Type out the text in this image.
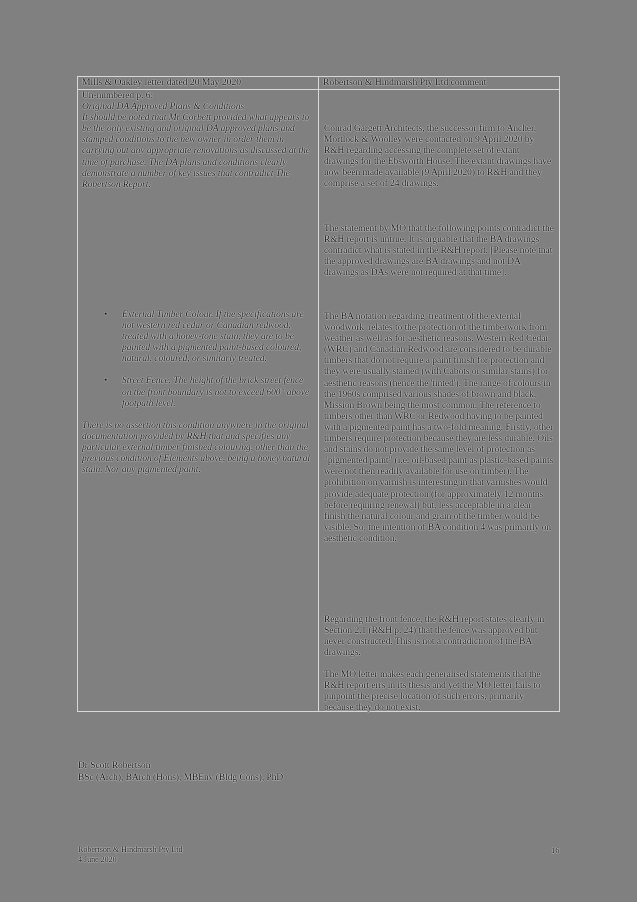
Mills & Oakley letter dated 20 May 2020	Robertson & Hindmarsh Pty Ltd comment

Un-numbered p. 6:

Original DA Approved Plans & Conditions

It should be noted that Mr Corbett provided what appears to be the only existing and original DA approved plans and stamped conditions to the new owner in order them in carrying out any appropriate renovations as discussed at the time of purchase. The DA plans and conditions clearly demonstrate a number of key issues that contradict The Robertson Report:

• External Timber Colour. If the specifications are not western red cedar or Canadian redwood, treated with a honey-tone stain, they are to be painted with a pigmented paint-based coloured, natural, coloured, or similarly treated.
• Street Fence. The height of the brick street fence on the front boundary is not to exceed 600" above footpath level.

There is no assertion this condition anywhere in the original documentation provided by R&H that and specifies any particular external timber finished colouring, other than the previous condition of Elements above, being a honey natural stain. Nor any pigmented paint.

Conrad Gargett Architects, the successor firm to Ancher, Mortlock & Woolley were contacted on 9 April 2020 by R&H regarding accessing the complete set of extant drawings for the Ebsworth House. The extant drawings have now been made available (9 April 2020) to R&H and they comprise a set of 24 drawings.

The statement by MO that the following points contradict the R&H report is untrue. It is arguable that the BA drawings contradict what is stated in the R&H report. [Please note that the approved drawings are BA drawings and not DA drawings as DAs were not required at that time].

The BA notation regarding 'treatment of the external woodwork' relates to the protection of the timberwork from weather as well as for aesthetic reasons. Western Red Cedar (WRC) and Canadian Redwood are considered to be durable timbers that do not require a paint finish for protection and they were usually stained (with Cabots or similar stains) for aesthetic reasons (hence the 'tinted'). The range of colours in the 1960s comprised various shades of brown and black, Mission Brown being the most common. The reference to timbers other than WRC or Redwood having to be painted with a pigmented paint has a two-fold meaning. Firstly, other timbers require protection because they are less durable. Oils and stains do not provide the same level of protection as "pigmented paint" (i.e. oil-based paint as plastic-based paints were not then readily available for use on timber). The prohibition on varnish is interesting in that varnishes would provide adequate protection (for approximately 12 months before requiring renewal) but, less acceptable in a clear finish the natural colour and grain of the timber would be visible. So, the intention of BA condition 4 was primarily on aesthetic condition.

Regarding the front fence, the R&H report states clearly in Section 2.1 (R&H p. 24) that the fence was approved but never constructed. This is not a contradiction of the BA drawings.

The MO letter makes each generalised statements that the R&H report errs in its thesis and yet the MO letter fails to pinpoint the precise location of such errors, primarily because they do not exist.

Dr Scott Robertson
BSc (Arch), BArch (Hons), MBEnv (Bldg Cons), PhD
Robertson & Hindmarsh Pty Ltd
4 June 2020
16
